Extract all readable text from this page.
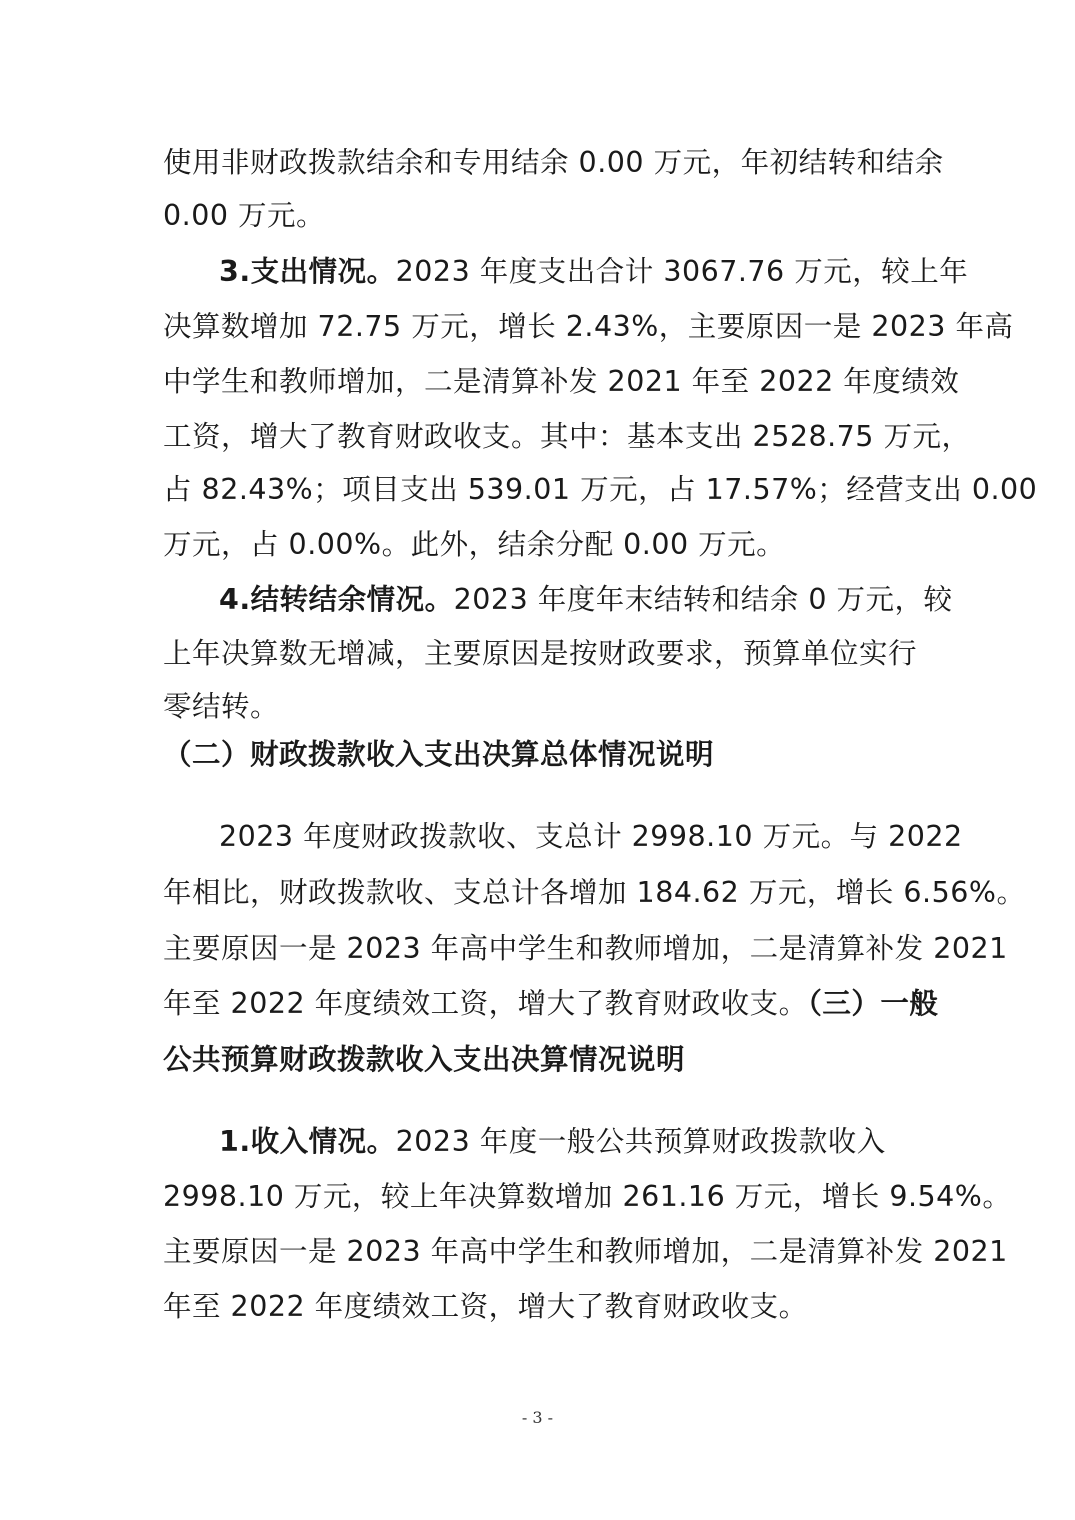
使用非财政拨款结余和专用结余 0.00 万元，年初结转和结余
0.00 万元。
3.支出情况。2023 年度支出合计 3067.76 万元，较上年
决算数增加 72.75 万元，增长 2.43%，主要原因一是 2023 年高
中学生和教师增加，二是清算补发 2021 年至 2022 年度绩效
工资，增大了教育财政收支。其中：基本支出 2528.75 万元，
占 82.43%；项目支出 539.01 万元，占 17.57%；经营支出 0.00
万元，占 0.00%。此外，结余分配 0.00 万元。
4.结转结余情况。2023 年度年末结转和结余 0 万元，较
上年决算数无增减，主要原因是按财政要求，预算单位实行
零结转。
（二）财政拨款收入支出决算总体情况说明
2023 年度财政拨款收、支总计 2998.10 万元。与 2022
年相比，财政拨款收、支总计各增加 184.62 万元，增长 6.56%。
主要原因一是 2023 年高中学生和教师增加，二是清算补发 2021
年至 2022 年度绩效工资，增大了教育财政收支。（三）一般
公共预算财政拨款收入支出决算情况说明
1.收入情况。2023 年度一般公共预算财政拨款收入
2998.10 万元，较上年决算数增加 261.16 万元，增长 9.54%。
主要原因一是 2023 年高中学生和教师增加，二是清算补发 2021
年至 2022 年度绩效工资，增大了教育财政收支。
- 3 -
